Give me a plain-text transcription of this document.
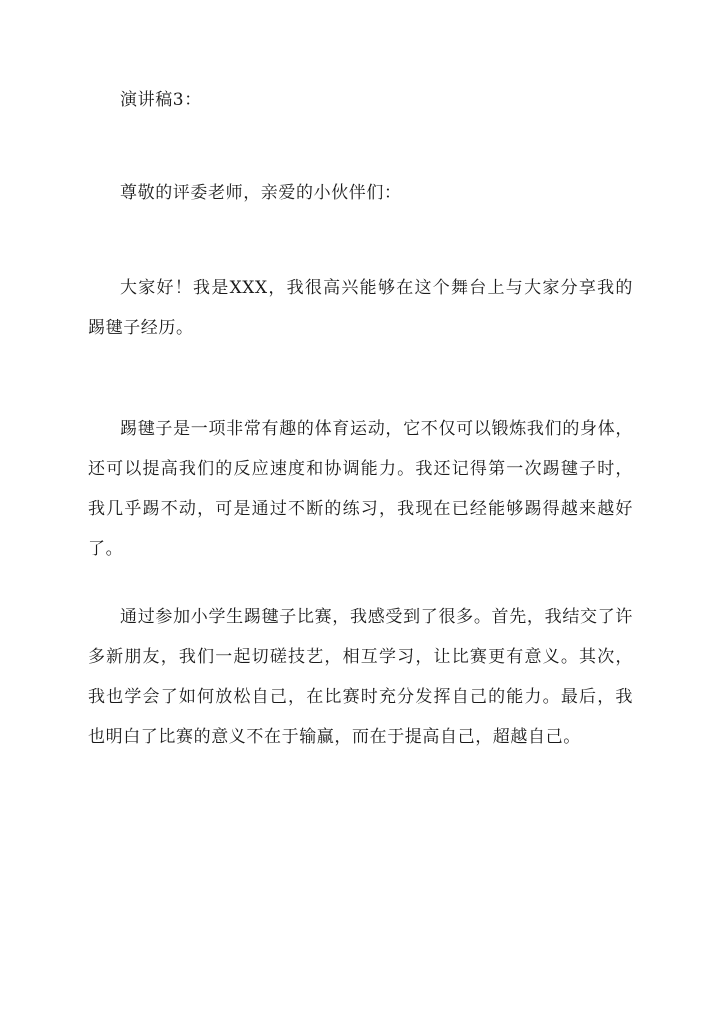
演讲稿3：

尊敬的评委老师，亲爱的小伙伴们：

大家好！我是XXX，我很高兴能够在这个舞台上与大家分享我的踢毽子经历。

踢毽子是一项非常有趣的体育运动，它不仅可以锻炼我们的身体，还可以提高我们的反应速度和协调能力。我还记得第一次踢毽子时，我几乎踢不动，可是通过不断的练习，我现在已经能够踢得越来越好了。

通过参加小学生踢毽子比赛，我感受到了很多。首先，我结交了许多新朋友，我们一起切磋技艺，相互学习，让比赛更有意义。其次，我也学会了如何放松自己，在比赛时充分发挥自己的能力。最后，我也明白了比赛的意义不在于输赢，而在于提高自己，超越自己。
